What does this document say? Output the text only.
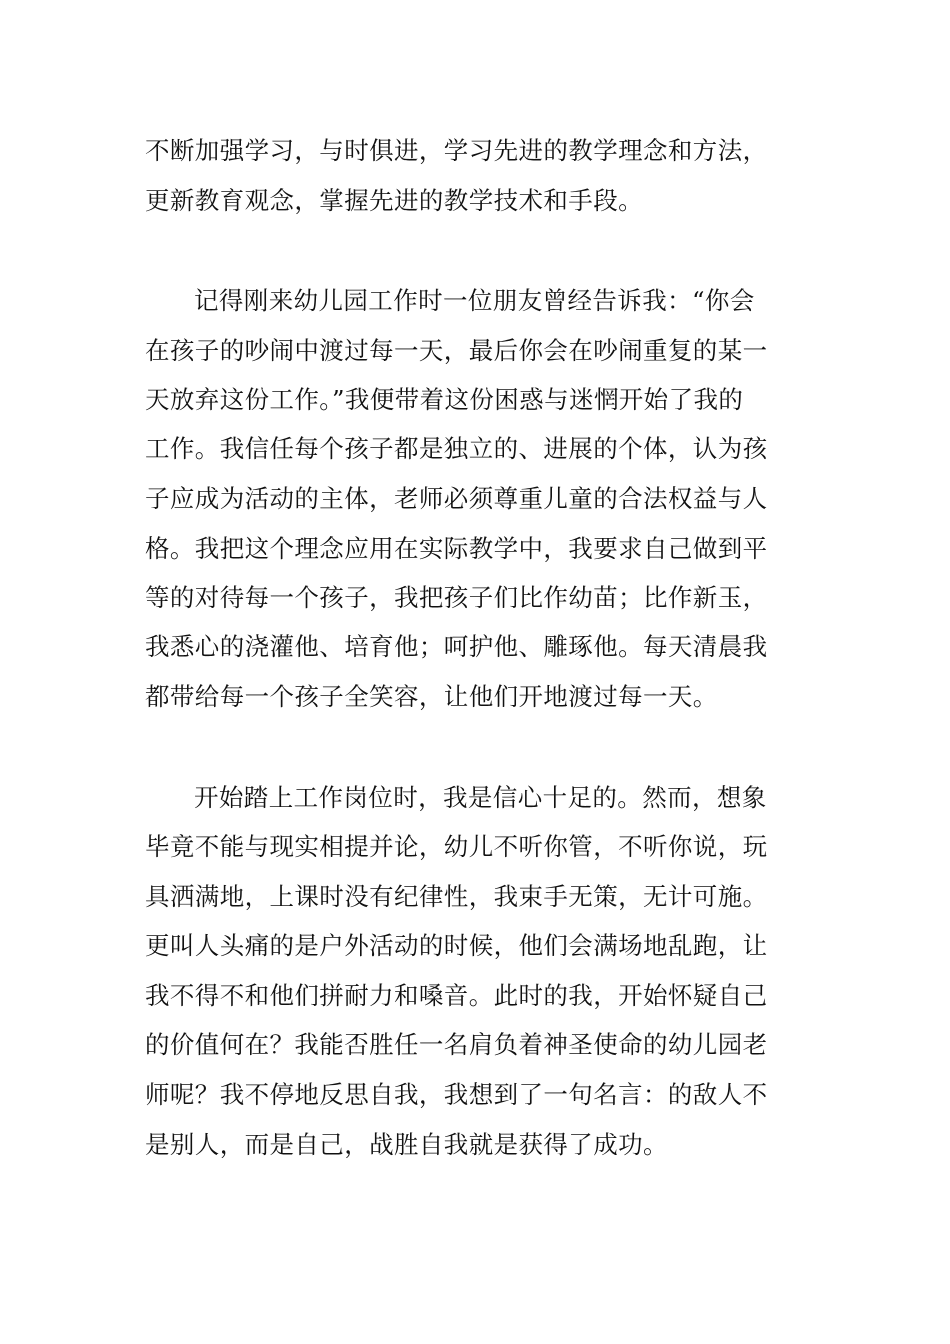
不断加强学习，与时俱进，学习先进的教学理念和方法，
更新教育观念，掌握先进的教学技术和手段。
记得刚来幼儿园工作时一位朋友曾经告诉我：“你会
在孩子的吵闹中渡过每一天，最后你会在吵闹重复的某一
天放弃这份工作。”我便带着这份困惑与迷惘开始了我的
工作。我信任每个孩子都是独立的、进展的个体，认为孩
子应成为活动的主体，老师必须尊重儿童的合法权益与人
格。我把这个理念应用在实际教学中，我要求自己做到平
等的对待每一个孩子，我把孩子们比作幼苗；比作新玉，
我悉心的浇灌他、培育他；呵护他、雕琢他。每天清晨我
都带给每一个孩子全笑容，让他们开地渡过每一天。
开始踏上工作岗位时，我是信心十足的。然而，想象
毕竟不能与现实相提并论，幼儿不听你管，不听你说，玩
具洒满地，上课时没有纪律性，我束手无策，无计可施。
更叫人头痛的是户外活动的时候，他们会满场地乱跑，让
我不得不和他们拼耐力和嗓音。此时的我，开始怀疑自己
的价值何在？我能否胜任一名肩负着神圣使命的幼儿园老
师呢？我不停地反思自我，我想到了一句名言：的敌人不
是别人，而是自己，战胜自我就是获得了成功。
